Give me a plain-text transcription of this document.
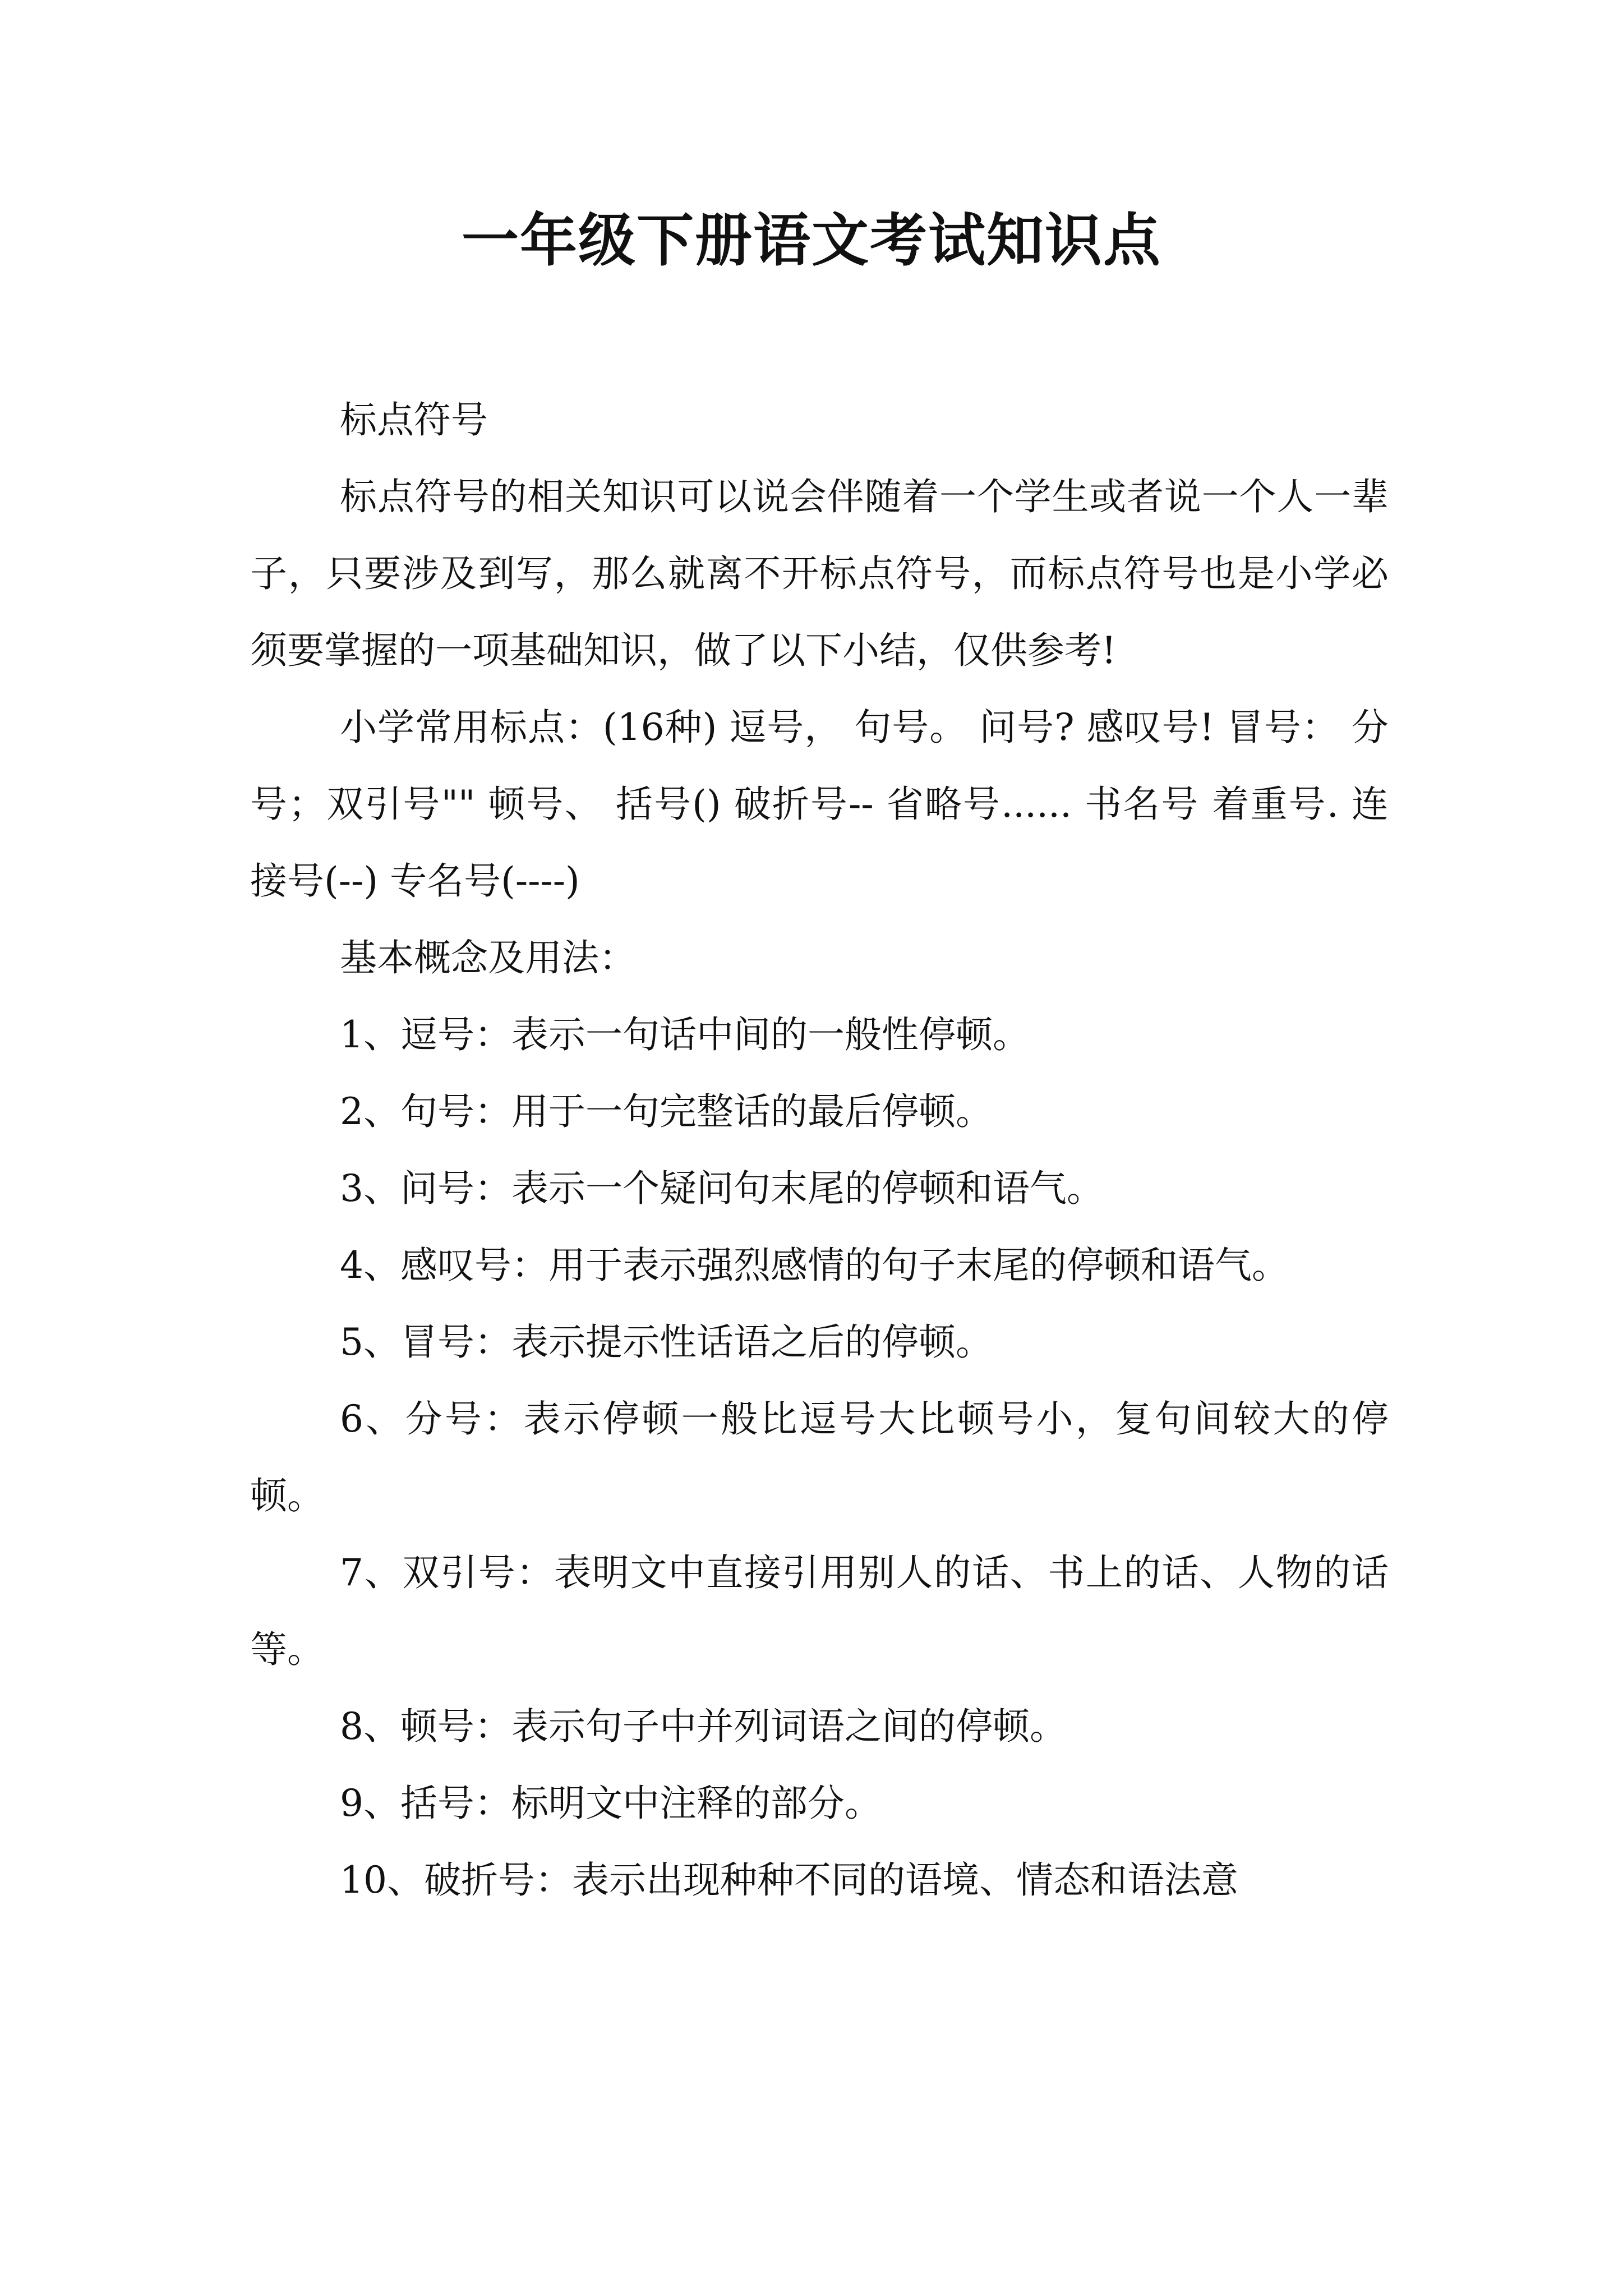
一年级下册语文考试知识点

标点符号

标点符号的相关知识可以说会伴随着一个学生或者说一个人一辈子，只要涉及到写，那么就离不开标点符号，而标点符号也是小学必须要掌握的一项基础知识，做了以下小结，仅供参考!

小学常用标点：(16种) 逗号， 句号。 问号? 感叹号! 冒号： 分号；双引号"" 顿号、 括号() 破折号-- 省略号...... 书名号 着重号. 连接号(--) 专名号(----)

基本概念及用法：

1、逗号：表示一句话中间的一般性停顿。

2、句号：用于一句完整话的最后停顿。

3、问号：表示一个疑问句末尾的停顿和语气。

4、感叹号：用于表示强烈感情的句子末尾的停顿和语气。

5、冒号：表示提示性话语之后的停顿。

6、分号：表示停顿一般比逗号大比顿号小，复句间较大的停顿。

7、双引号：表明文中直接引用别人的话、书上的话、人物的话等。

8、顿号：表示句子中并列词语之间的停顿。

9、括号：标明文中注释的部分。

10、破折号：表示出现种种不同的语境、情态和语法意
